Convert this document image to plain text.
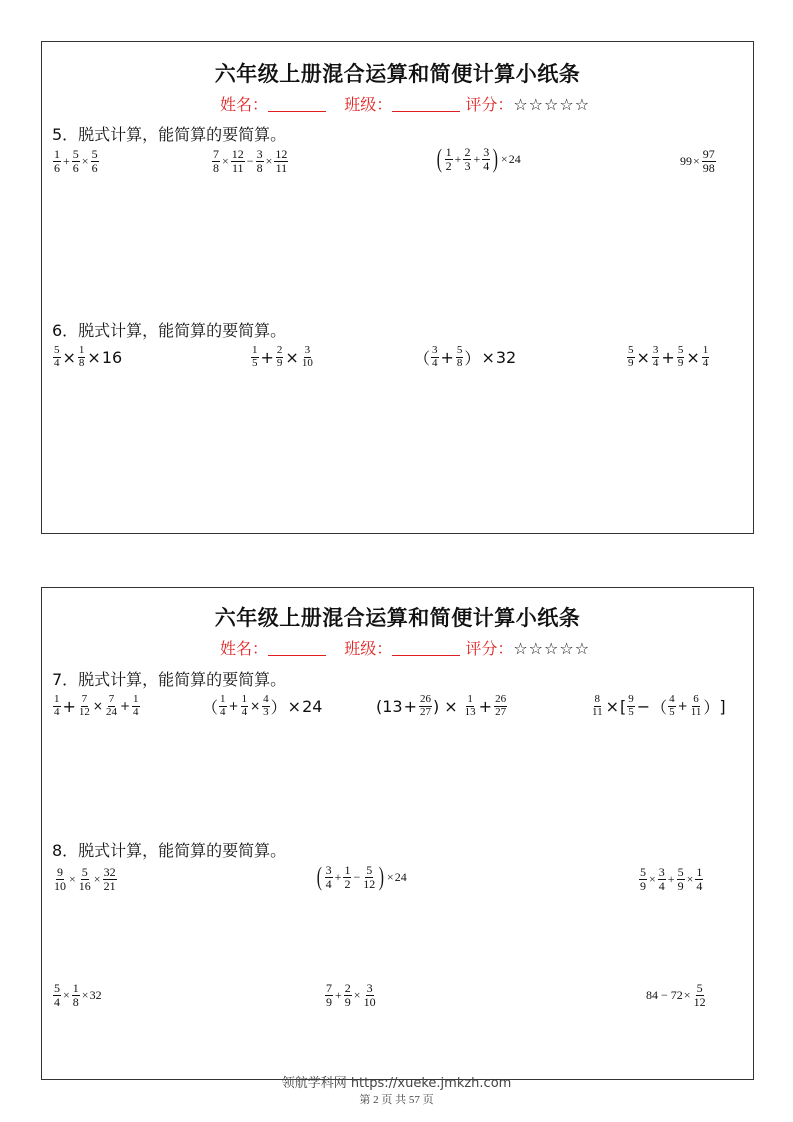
六年级上册混合运算和简便计算小纸条
姓名：	班级：	评分：☆☆☆☆☆
5．脱式计算，能简算的要简算。
$\frac{1}{6} + \frac{5}{6} \times \frac{5}{6}$	$\frac{7}{8} \times \frac{12}{11} - \frac{3}{8} \times \frac{12}{11}$	( $\frac{1}{2} + \frac{2}{3} + \frac{3}{4}$ ) × 24	$99 \times \frac{97}{98}$
6．脱式计算，能简算的要简算。
$\frac{5}{4} \times \frac{1}{8} \times 16$	$\frac{1}{5} + \frac{2}{9} \times \frac{3}{10}$	（ $\frac{3}{4} + \frac{5}{8}$ ） × 32	$\frac{5}{9} \times \frac{3}{4} + \frac{5}{9} \times \frac{1}{4}$
六年级上册混合运算和简便计算小纸条
姓名：	班级：	评分：☆☆☆☆☆
7．脱式计算，能简算的要简算。
$\frac{1}{4} + \frac{7}{12} \times \frac{7}{24} + \frac{1}{4}$	（ $\frac{1}{4} + \frac{1}{4} \times \frac{4}{3}$ ） × 24	( $13 + \frac{26}{27}$ ) × $\frac{1}{13} + \frac{26}{27}$	$\frac{8}{11}$ × [ $\frac{9}{5}$ − （ $\frac{4}{5} + \frac{6}{11}$ ） ]
8．脱式计算，能简算的要简算。
$\frac{9}{10} \times \frac{5}{16} \times \frac{32}{21}$	( $\frac{3}{4} + \frac{1}{2} - \frac{5}{12}$ ) × 24	$\frac{5}{9} \times \frac{3}{4} + \frac{5}{9} \times \frac{1}{4}$
$\frac{5}{4} \times \frac{1}{8} \times 32$	$\frac{7}{9} + \frac{2}{9} \times \frac{3}{10}$	$84 - 72 \times \frac{5}{12}$
领航学科网 https://xueke.jmkzh.com
第 2 页 共 57 页
